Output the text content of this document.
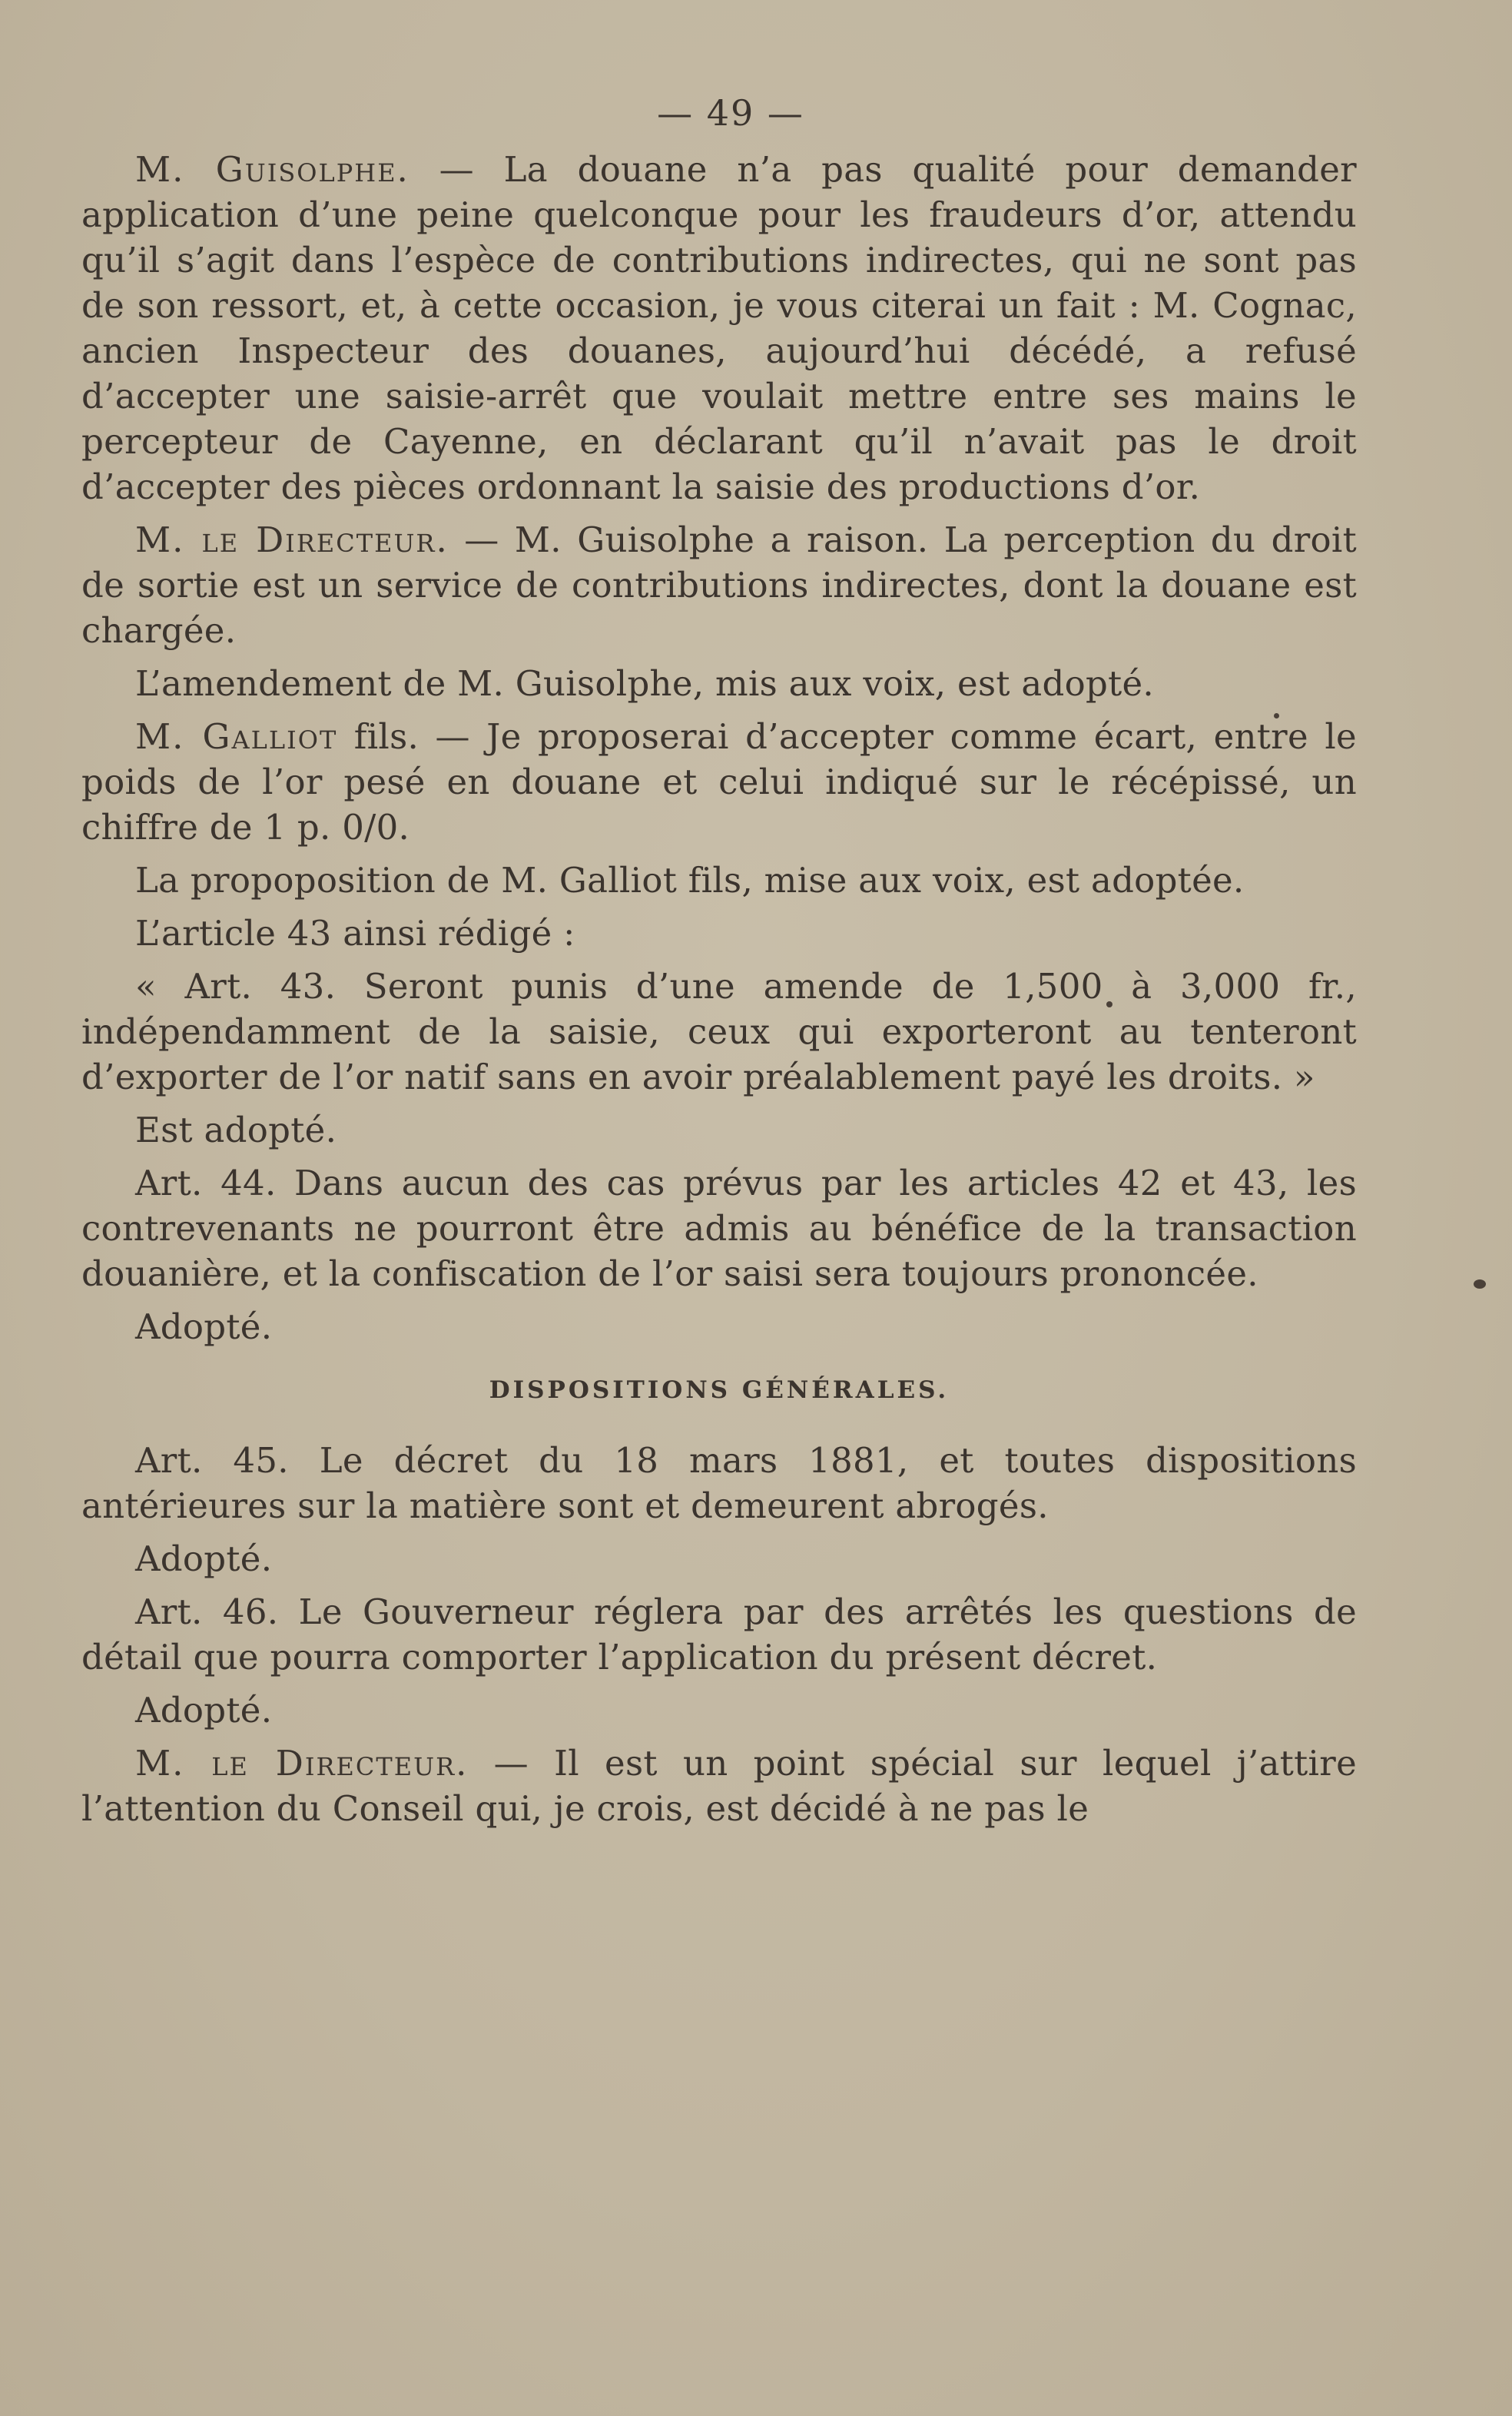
— 49 —

M. Guisolphe. — La douane n’a pas qualité pour demander application d’une peine quelconque pour les fraudeurs d’or, attendu qu’il s’agit dans l’espèce de contributions indirectes, qui ne sont pas de son ressort, et, à cette occasion, je vous citerai un fait : M. Cognac, ancien Inspecteur des douanes, aujourd’hui décédé, a refusé d’accepter une saisie-arrêt que voulait mettre entre ses mains le percepteur de Cayenne, en déclarant qu’il n’avait pas le droit d’accepter des pièces ordonnant la saisie des productions d’or.

M. le Directeur. — M. Guisolphe a raison. La perception du droit de sortie est un service de contributions indirectes, dont la douane est chargée.

L’amendement de M. Guisolphe, mis aux voix, est adopté.

M. Galliot fils. — Je proposerai d’accepter comme écart, entre le poids de l’or pesé en douane et celui indiqué sur le récépissé, un chiffre de 1 p. 0/0.

La propoposition de M. Galliot fils, mise aux voix, est adoptée.

L’article 43 ainsi rédigé :

« Art. 43. Seront punis d’une amende de 1,500 à 3,000 fr., indépendamment de la saisie, ceux qui exporteront au tenteront d’exporter de l’or natif sans en avoir préalablement payé les droits. »

Est adopté.

Art. 44. Dans aucun des cas prévus par les articles 42 et 43, les contrevenants ne pourront être admis au bénéfice de la transaction douanière, et la confiscation de l’or saisi sera toujours prononcée.

Adopté.

DISPOSITIONS GÉNÉRALES.

Art. 45. Le décret du 18 mars 1881, et toutes dispositions antérieures sur la matière sont et demeurent abrogés.

Adopté.

Art. 46. Le Gouverneur réglera par des arrêtés les questions de détail que pourra comporter l’application du présent décret.

Adopté.

M. le Directeur. — Il est un point spécial sur lequel j’attire l’attention du Conseil qui, je crois, est décidé à ne pas le
